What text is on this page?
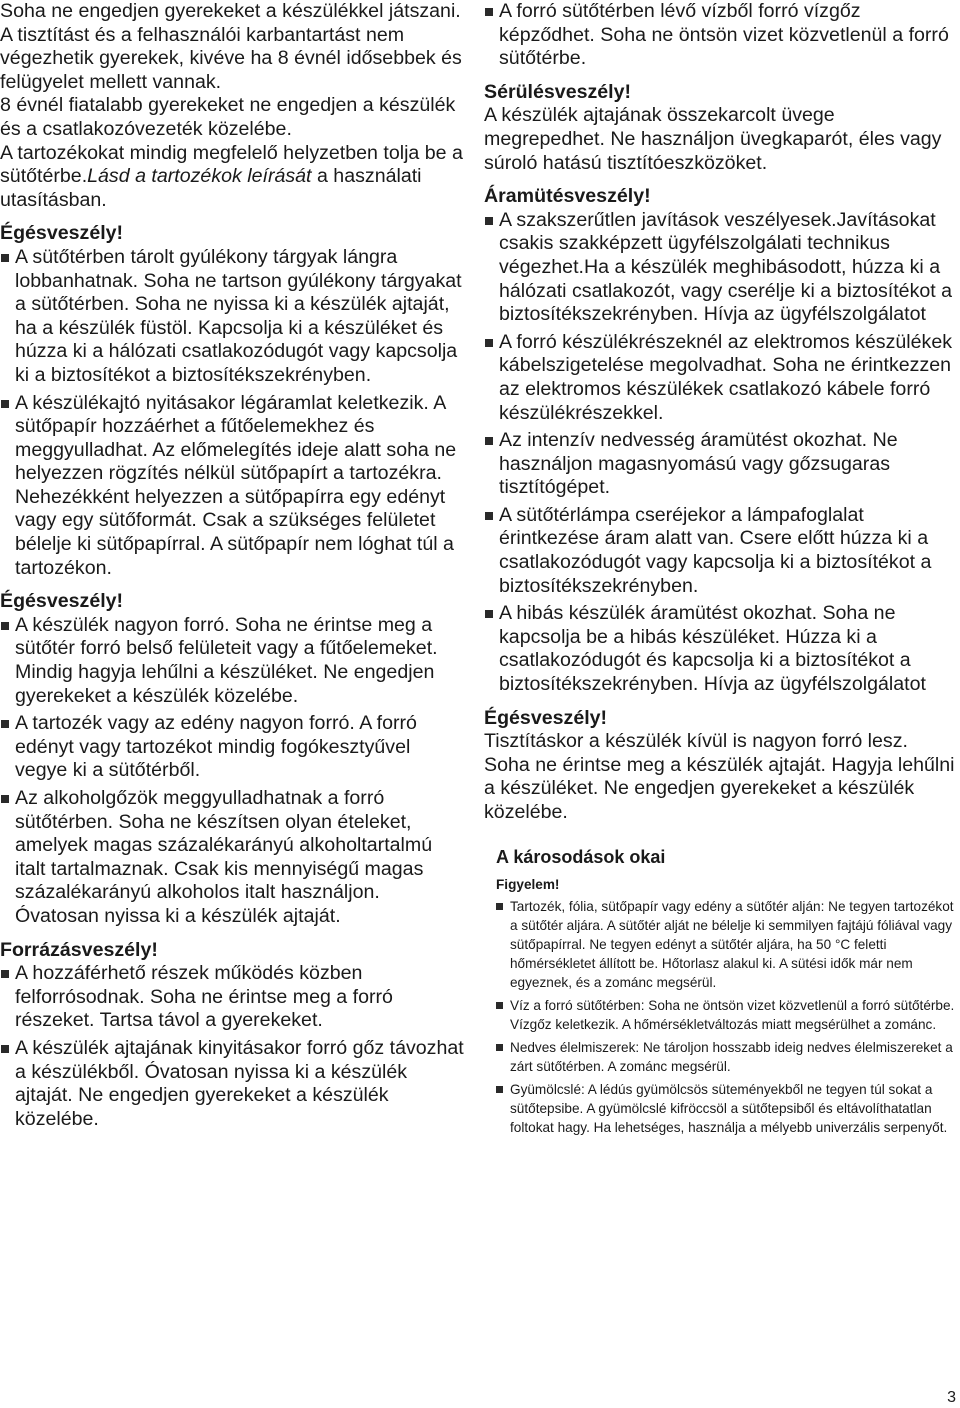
Soha ne engedjen gyerekeket a készülékkel játszani. A tisztítást és a felhasználói karbantartást nem végezhetik gyerekek, kivéve ha 8 évnél idősebbek és felügyelet mellett vannak.

8 évnél fiatalabb gyerekeket ne engedjen a készülék és a csatlakozóvezeték közelébe.

A tartozékokat mindig megfelelő helyzetben tolja be a sütőtérbe.Lásd a tartozékok leírását a használati utasításban.

Égésveszély!

A sütőtérben tárolt gyúlékony tárgyak lángra lobbanhatnak. Soha ne tartson gyúlékony tárgyakat a sütőtérben. Soha ne nyissa ki a készülék ajtaját, ha a készülék füstöl. Kapcsolja ki a készüléket és húzza ki a hálózati csatlakozódugót vagy kapcsolja ki a biztosítékot a biztosítékszekrényben.

A készülékajtó nyitásakor légáramlat keletkezik. A sütőpapír hozzáérhet a fűtőelemekhez és meggyulladhat. Az előmelegítés ideje alatt soha ne helyezzen rögzítés nélkül sütőpapírt a tartozékra. Nehezékként helyezzen a sütőpapírra egy edényt vagy egy sütőformát. Csak a szükséges felületet bélelje ki sütőpapírral. A sütőpapír nem lóghat túl a tartozékon.

Égésveszély!

A készülék nagyon forró. Soha ne érintse meg a sütőtér forró belső felületeit vagy a fűtőelemeket. Mindig hagyja lehűlni a készüléket. Ne engedjen gyerekeket a készülék közelébe.

A tartozék vagy az edény nagyon forró. A forró edényt vagy tartozékot mindig fogókesztyűvel vegye ki a sütőtérből.

Az alkoholgőzök meggyulladhatnak a forró sütőtérben. Soha ne készítsen olyan ételeket, amelyek magas százalékarányú alkoholtartalmú italt tartalmaznak. Csak kis mennyiségű magas százalékarányú alkoholos italt használjon. Óvatosan nyissa ki a készülék ajtaját.

Forrázásveszély!

A hozzáférhető részek működés közben felforrósodnak. Soha ne érintse meg a forró részeket. Tartsa távol a gyerekeket.

A készülék ajtajának kinyitásakor forró gőz távozhat a készülékből. Óvatosan nyissa ki a készülék ajtaját. Ne engedjen gyerekeket a készülék közelébe.

A forró sütőtérben lévő vízből forró vízgőz képződhet. Soha ne öntsön vizet közvetlenül a forró sütőtérbe.

Sérülésveszély!

A készülék ajtajának összekarcolt üvege megrepedhet. Ne használjon üvegkaparót, éles vagy súroló hatású tisztítóeszközöket.

Áramütésveszély!

A szakszerűtlen javítások veszélyesek.Javításokat csakis szakképzett ügyfélszolgálati technikus végezhet.Ha a készülék meghibásodott, húzza ki a hálózati csatlakozót, vagy cserélje ki a biztosítékot a biztosítékszekrényben. Hívja az ügyfélszolgálatot

A forró készülékrészeknél az elektromos készülékek kábelszigetelése megolvadhat. Soha ne érintkezzen az elektromos készülékek csatlakozó kábele forró készülékrészekkel.

Az intenzív nedvesség áramütést okozhat. Ne használjon magasnyomású vagy gőzsugaras tisztítógépet.

A sütőtérlámpa cseréjekor a lámpafoglalat érintkezése áram alatt van. Csere előtt húzza ki a csatlakozódugót vagy kapcsolja ki a biztosítékot a biztosítékszekrényben.

A hibás készülék áramütést okozhat. Soha ne kapcsolja be a hibás készüléket. Húzza ki a csatlakozódugót és kapcsolja ki a biztosítékot a biztosítékszekrényben. Hívja az ügyfélszolgálatot

Égésveszély!

Tisztításkor a készülék kívül is nagyon forró lesz. Soha ne érintse meg a készülék ajtaját. Hagyja lehűlni a készüléket. Ne engedjen gyerekeket a készülék közelébe.

A károsodások okai

Figyelem!

Tartozék, fólia, sütőpapír vagy edény a sütőtér alján: Ne tegyen tartozékot a sütőtér aljára. A sütőtér alját ne bélelje ki semmilyen fajtájú fóliával vagy sütőpapírral. Ne tegyen edényt a sütőtér aljára, ha 50 °C feletti hőmérsékletet állított be. Hőtorlasz alakul ki. A sütési idők már nem egyeznek, és a zománc megsérül.

Víz a forró sütőtérben: Soha ne öntsön vizet közvetlenül a forró sütőtérbe. Vízgőz keletkezik. A hőmérsékletváltozás miatt megsérülhet a zománc.

Nedves élelmiszerek: Ne tároljon hosszabb ideig nedves élelmiszereket a zárt sütőtérben. A zománc megsérül.

Gyümölcslé: A lédús gyümölcsös süteményekből ne tegyen túl sokat a sütőtepsibe. A gyümölcslé kifröccsöl a sütőtepsiből és eltávolíthatatlan foltokat hagy. Ha lehetséges, használja a mélyebb univerzális serpenyőt.

3
